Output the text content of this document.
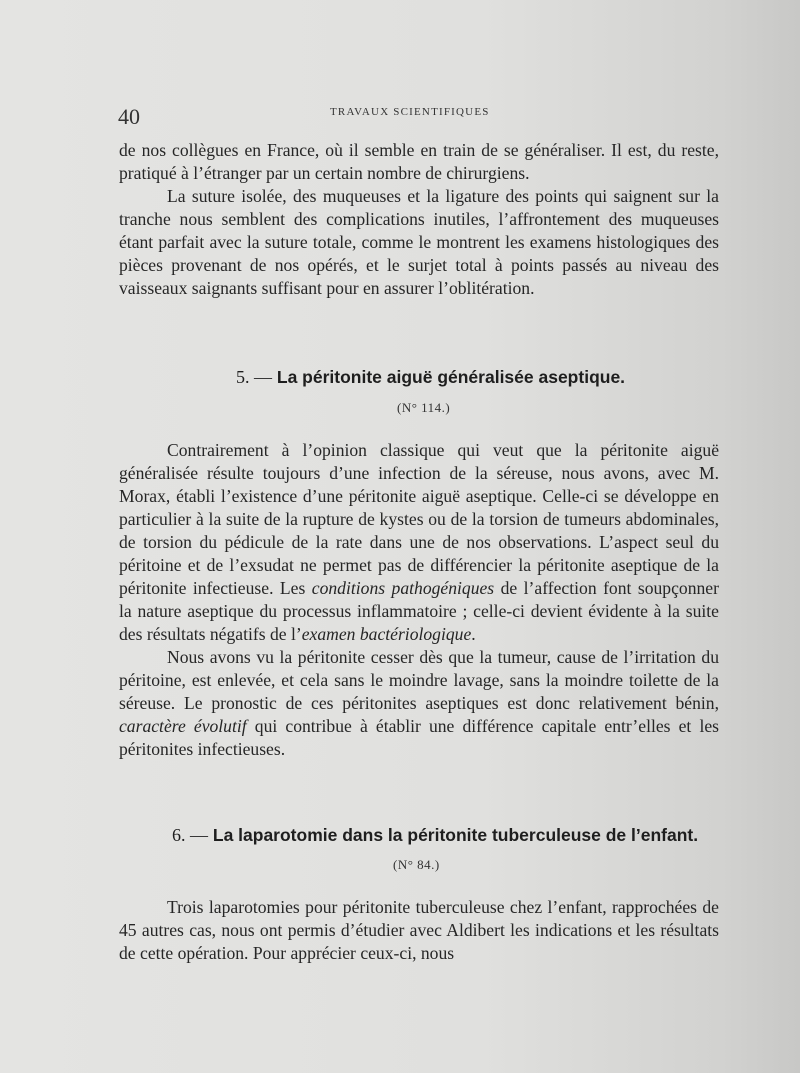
40	TRAVAUX SCIENTIFIQUES

de nos collègues en France, où il semble en train de se généraliser. Il est, du reste, pratiqué à l’étranger par un certain nombre de chirurgiens.

La suture isolée, des muqueuses et la ligature des points qui saignent sur la tranche nous semblent des complications inutiles, l’affrontement des muqueuses étant parfait avec la suture totale, comme le montrent les examens histologiques des pièces provenant de nos opérés, et le surjet total à points passés au niveau des vaisseaux saignants suffisant pour en assurer l’oblitération.

5. — La péritonite aiguë généralisée aseptique.
(N° 114.)

Contrairement à l’opinion classique qui veut que la péritonite aiguë généralisée résulte toujours d’une infection de la séreuse, nous avons, avec M. Morax, établi l’existence d’une péritonite aiguë aseptique. Celle-ci se développe en particulier à la suite de la rupture de kystes ou de la torsion de tumeurs abdominales, de torsion du pédicule de la rate dans une de nos observations. L’aspect seul du péritoine et de l’exsudat ne permet pas de différencier la péritonite aseptique de la péritonite infectieuse. Les conditions pathogéniques de l’affection font soupçonner la nature aseptique du processus inflammatoire ; celle-ci devient évidente à la suite des résultats négatifs de l’examen bactériologique.

Nous avons vu la péritonite cesser dès que la tumeur, cause de l’irritation du péritoine, est enlevée, et cela sans le moindre lavage, sans la moindre toilette de la séreuse. Le pronostic de ces péritonites aseptiques est donc relativement bénin, caractère évolutif qui contribue à établir une différence capitale entr’elles et les péritonites infectieuses.

6. — La laparotomie dans la péritonite tuberculeuse de l’enfant.
(N° 84.)

Trois laparotomies pour péritonite tuberculeuse chez l’enfant, rapprochées de 45 autres cas, nous ont permis d’étudier avec Aldibert les indications et les résultats de cette opération. Pour apprécier ceux-ci, nous
